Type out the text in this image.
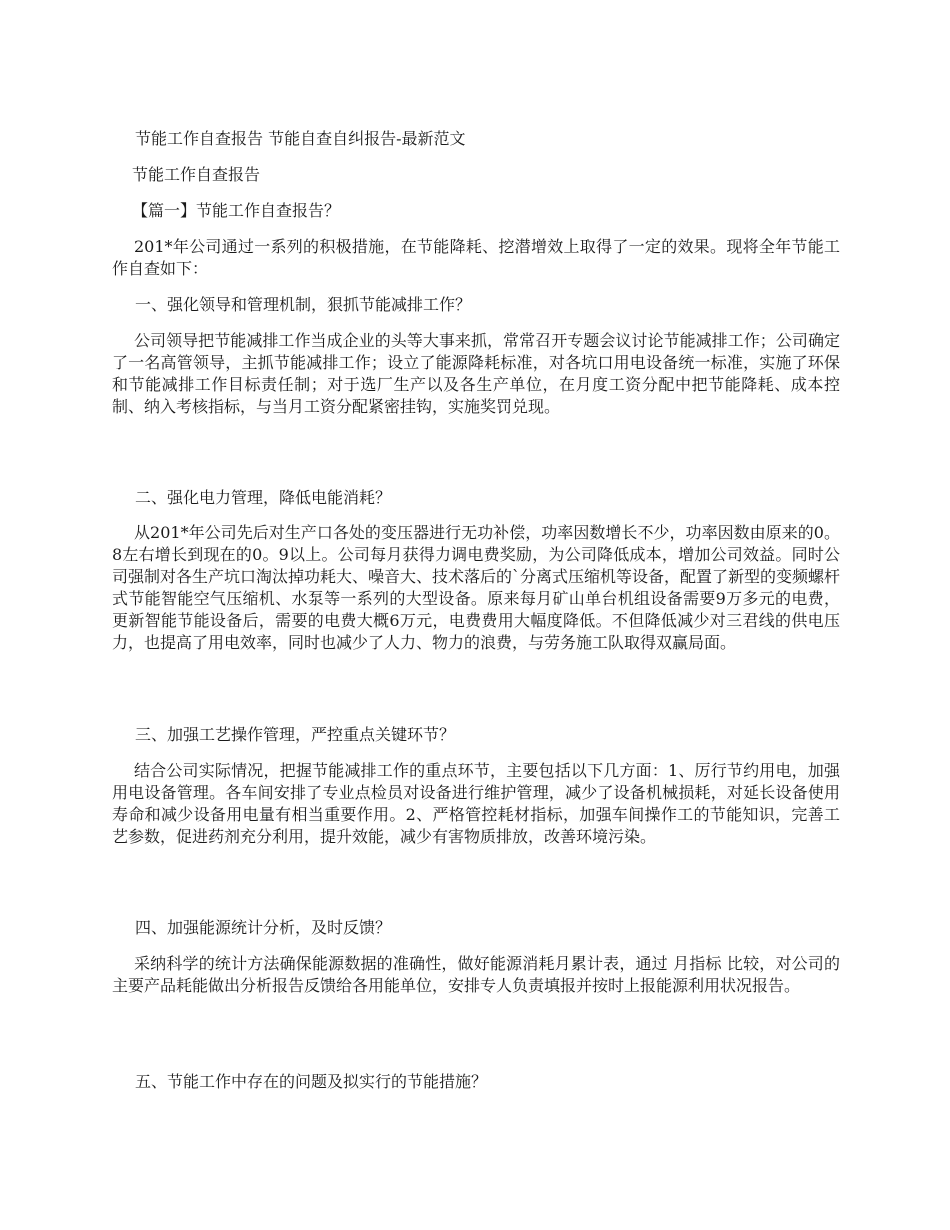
节能工作自查报告 节能自查自纠报告-最新范文
节能工作自查报告
【篇一】节能工作自查报告？

201*年公司通过一系列的积极措施，在节能降耗、挖潜增效上取得了一定的效果。现将全年节能工作自查如下：

一、强化领导和管理机制，狠抓节能减排工作？

公司领导把节能减排工作当成企业的头等大事来抓，常常召开专题会议讨论节能减排工作；公司确定了一名高管领导，主抓节能减排工作；设立了能源降耗标准，对各坑口用电设备统一标准，实施了环保和节能减排工作目标责任制；对于选厂生产以及各生产单位，在月度工资分配中把节能降耗、成本控制、纳入考核指标，与当月工资分配紧密挂钩，实施奖罚兑现。

二、强化电力管理，降低电能消耗？

从201*年公司先后对生产口各处的变压器进行无功补偿，功率因数增长不少，功率因数由原来的0。8左右增长到现在的0。9以上。公司每月获得力调电费奖励，为公司降低成本，增加公司效益。同时公司强制对各生产坑口淘汰掉功耗大、噪音大、技术落后的`分离式压缩机等设备，配置了新型的变频螺杆式节能智能空气压缩机、水泵等一系列的大型设备。原来每月矿山单台机组设备需要9万多元的电费，更新智能节能设备后，需要的电费大概6万元，电费费用大幅度降低。不但降低减少对三君线的供电压力，也提高了用电效率，同时也减少了人力、物力的浪费，与劳务施工队取得双赢局面。

三、加强工艺操作管理，严控重点关键环节？

结合公司实际情况，把握节能减排工作的重点环节，主要包括以下几方面：1、厉行节约用电，加强用电设备管理。各车间安排了专业点检员对设备进行维护管理，减少了设备机械损耗，对延长设备使用寿命和减少设备用电量有相当重要作用。2、严格管控耗材指标，加强车间操作工的节能知识，完善工艺参数，促进药剂充分利用，提升效能，减少有害物质排放，改善环境污染。

四、加强能源统计分析，及时反馈？

采纳科学的统计方法确保能源数据的准确性，做好能源消耗月累计表，通过 月指标 比较，对公司的主要产品耗能做出分析报告反馈给各用能单位，安排专人负责填报并按时上报能源利用状况报告。

五、节能工作中存在的问题及拟实行的节能措施？
